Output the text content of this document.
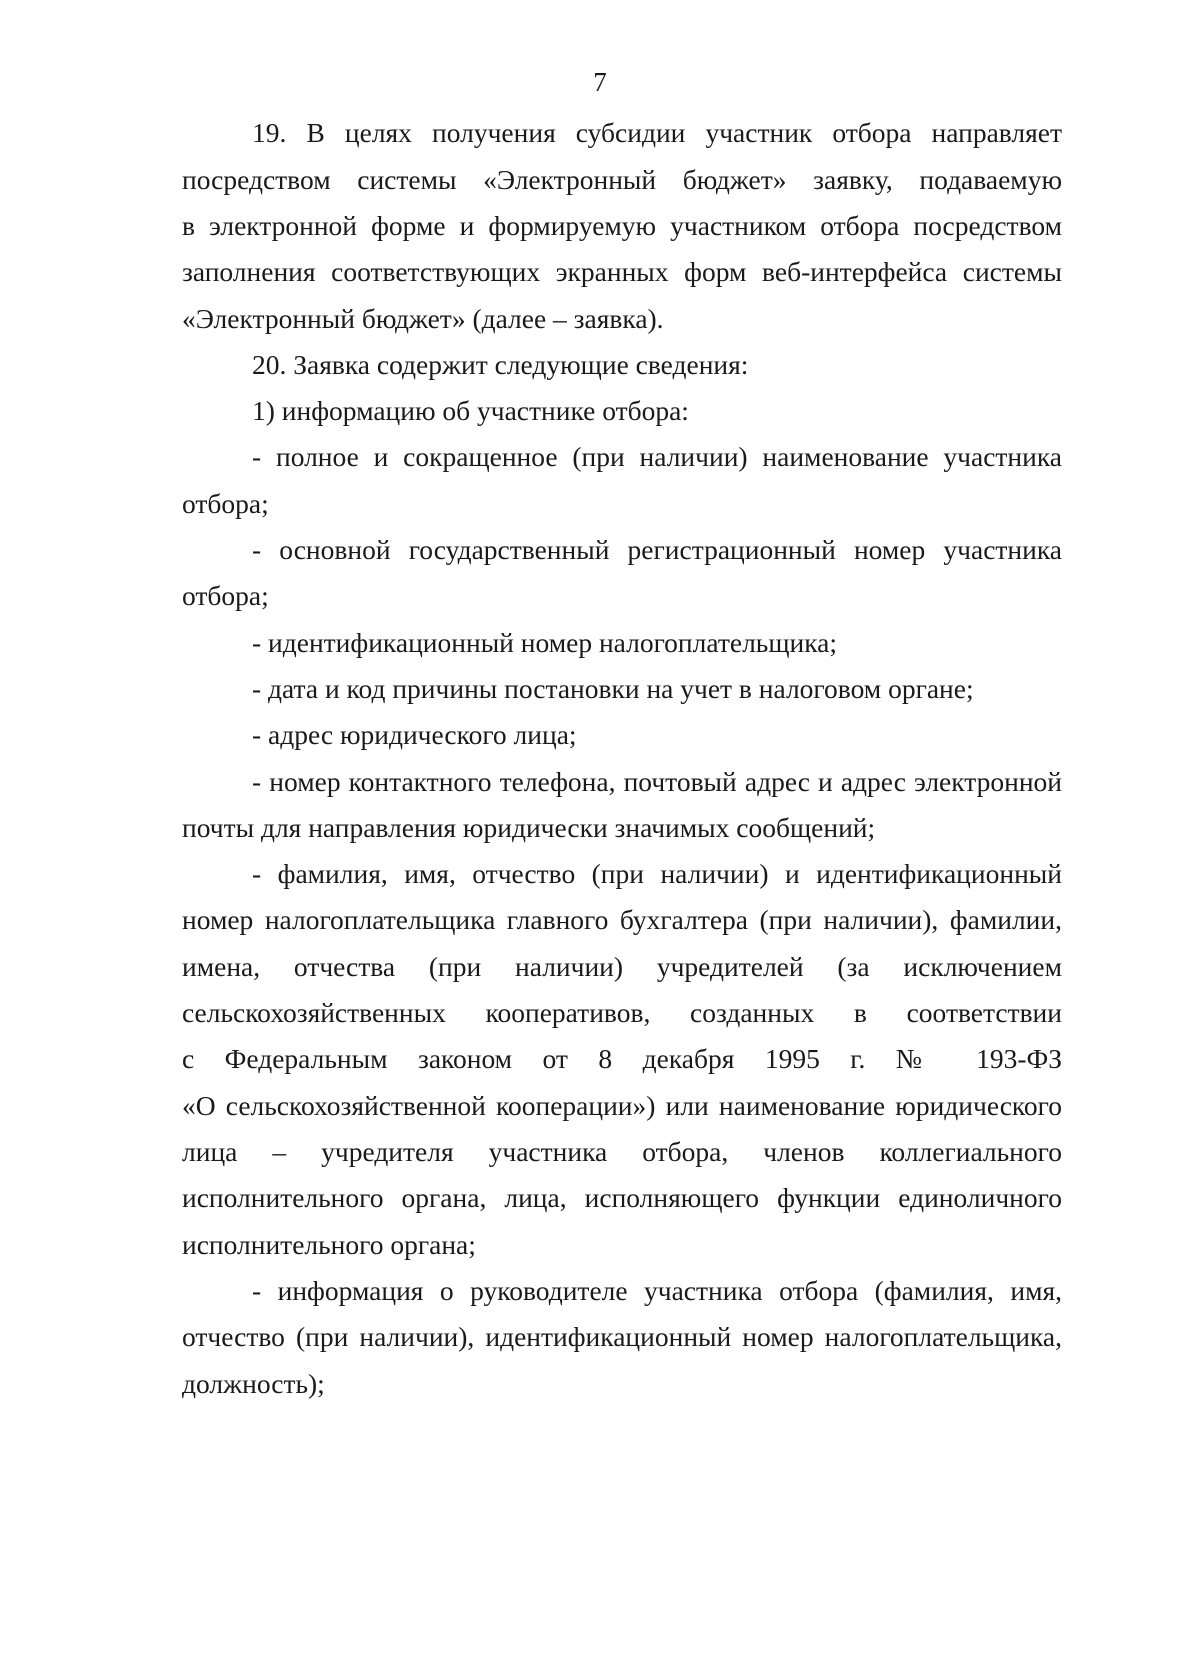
7
19. В целях получения субсидии участник отбора направляет
посредством системы «Электронный бюджет» заявку, подаваемую
в электронной форме и формируемую участником отбора посредством
заполнения соответствующих экранных форм веб-интерфейса системы
«Электронный бюджет» (далее – заявка).
20. Заявка содержит следующие сведения:
1) информацию об участнике отбора:
- полное и сокращенное (при наличии) наименование участника
отбора;
- основной государственный регистрационный номер участника
отбора;
- идентификационный номер налогоплательщика;
- дата и код причины постановки на учет в налоговом органе;
- адрес юридического лица;
- номер контактного телефона, почтовый адрес и адрес электронной
почты для направления юридически значимых сообщений;
- фамилия, имя, отчество (при наличии) и идентификационный
номер налогоплательщика главного бухгалтера (при наличии), фамилии,
имена, отчества (при наличии) учредителей (за исключением
сельскохозяйственных кооперативов, созданных в соответствии
с Федеральным законом от 8 декабря 1995 г. № 193-ФЗ
«О сельскохозяйственной кооперации») или наименование юридического
лица – учредителя участника отбора, членов коллегиального
исполнительного органа, лица, исполняющего функции единоличного
исполнительного органа;
- информация о руководителе участника отбора (фамилия, имя,
отчество (при наличии), идентификационный номер налогоплательщика,
должность);
